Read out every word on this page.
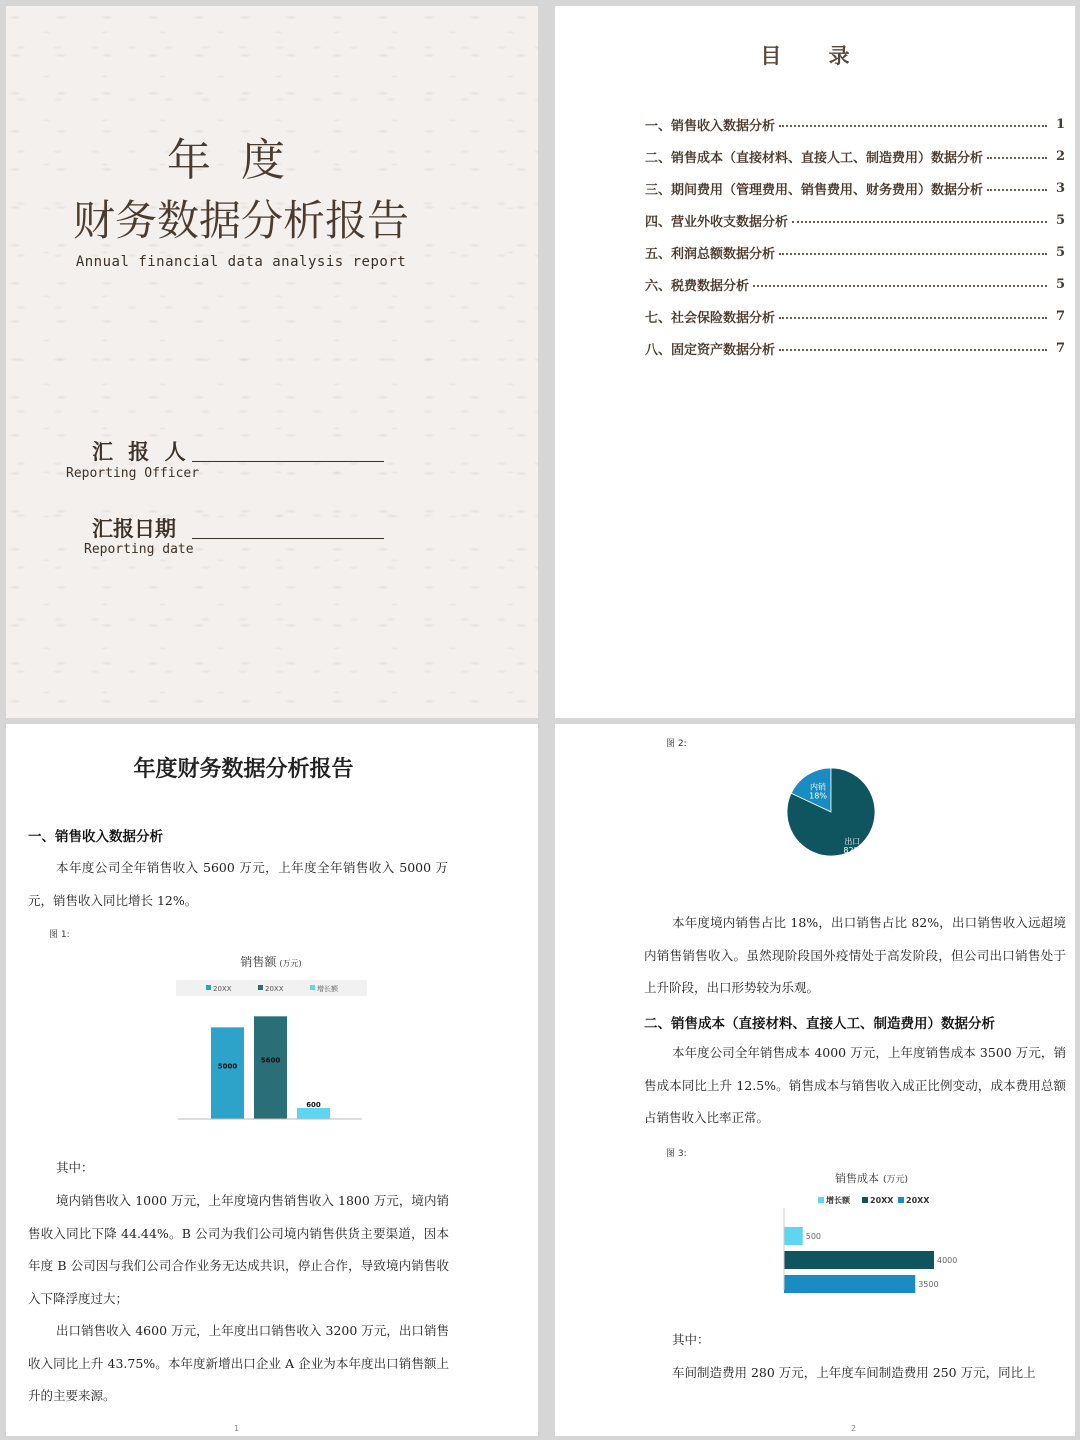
年度
财务数据分析报告
Annual financial data analysis report
汇 报 人
Reporting Officer
汇报日期
Reporting date
目 录
一、销售收入数据分析	1
二、销售成本（直接材料、直接人工、制造费用）数据分析	2
三、期间费用（管理费用、销售费用、财务费用）数据分析	3
四、营业外收支数据分析	5
五、利润总额数据分析	5
六、税费数据分析	5
七、社会保险数据分析	7
八、固定资产数据分析	7
年度财务数据分析报告
一、销售收入数据分析
本年度公司全年销售收入 5600 万元，上年度全年销售收入 5000 万元，销售收入同比增长 12%。
图 1:
销售额 (万元)
20XX	20XX	增长额
5000
5600
600
其中：
境内销售收入 1000 万元，上年度境内售销售收入 1800 万元，境内销售收入同比下降 44.44%。B 公司为我们公司境内销售供货主要渠道，因本年度 B 公司因与我们公司合作业务无达成共识，停止合作，导致境内销售收入下降浮度过大；
出口销售收入 4600 万元，上年度出口销售收入 3200 万元，出口销售收入同比上升 43.75%。本年度新增出口企业 A 企业为本年度出口销售额上升的主要来源。
1
图 2:
内销
18%
出口
82%
本年度境内销售占比 18%，出口销售占比 82%，出口销售收入远超境内销售销售收入。虽然现阶段国外疫情处于高发阶段，但公司出口销售处于上升阶段，出口形势较为乐观。
二、销售成本（直接材料、直接人工、制造费用）数据分析
本年度公司全年销售成本 4000 万元，上年度销售成本 3500 万元，销售成本同比上升 12.5%。销售成本与销售收入成正比例变动，成本费用总额占销售收入比率正常。
图 3:
销售成本 (万元)
增长额	20XX 20XX
500
4000
3500
其中：
车间制造费用 280 万元，上年度车间制造费用 250 万元，同比上
2
